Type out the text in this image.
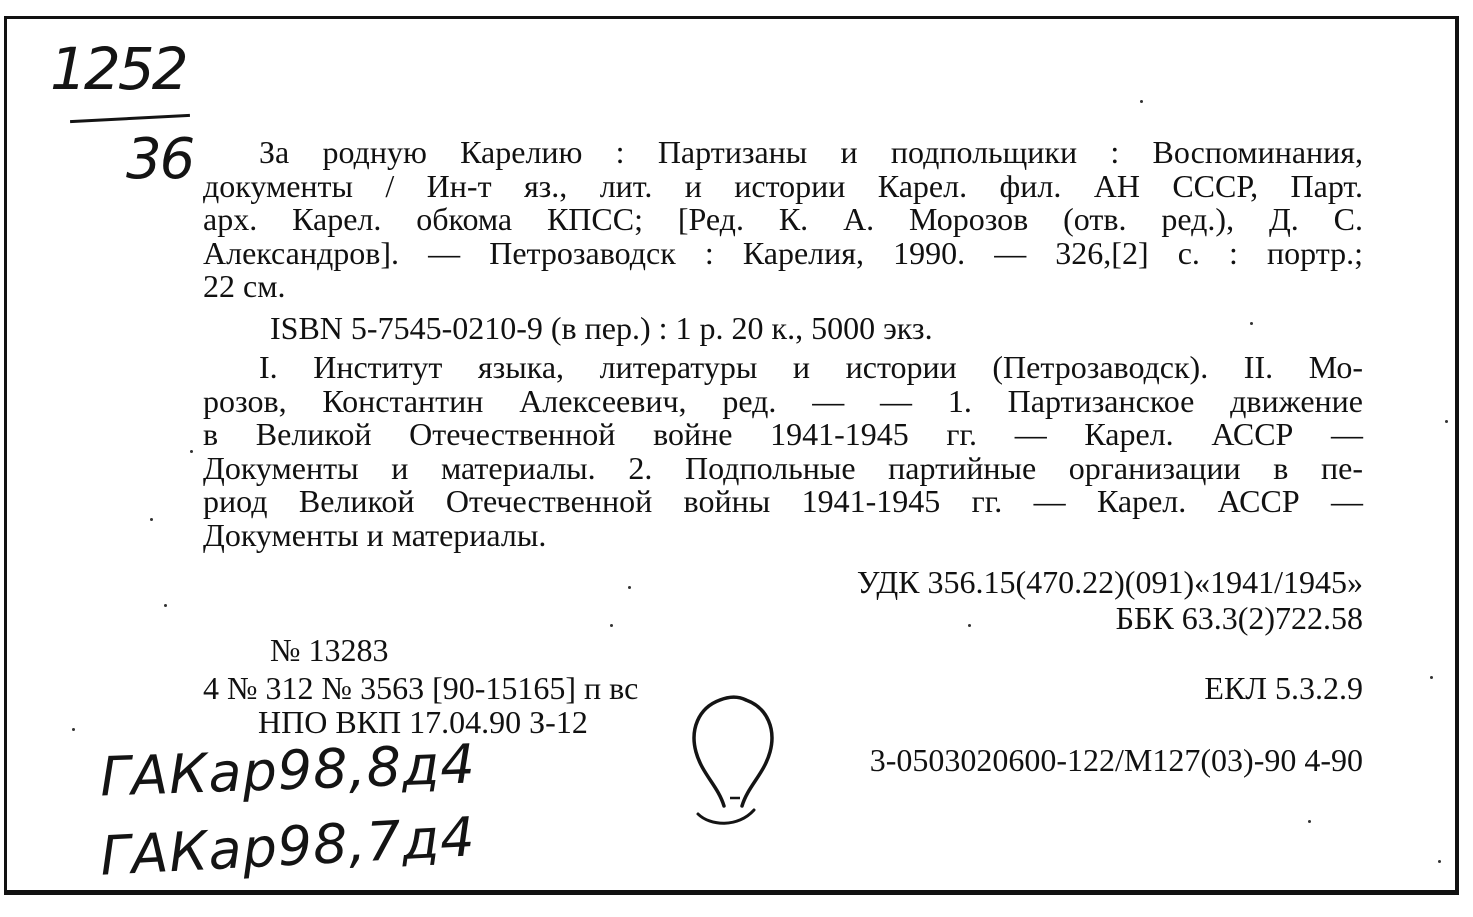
1252
36	За родную Карелию : Партизаны и подпольщики : Воспоминания,
документы / Ин-т яз., лит. и истории Карел. фил. АН СССР, Парт.
арх. Карел. обкома КПСС; [Ред. К. А. Морозов (отв. ред.), Д. С.
Александров]. — Петрозаводск : Карелия, 1990. — 326,[2] с. : портр.;
22 см.
ISBN 5-7545-0210-9 (в пер.) : 1 р. 20 к., 5000 экз.
I. Институт языка, литературы и истории (Петрозаводск). II. Мо-
розов, Константин Алексеевич, ред. — — 1. Партизанское движение
в Великой Отечественной войне 1941-1945 гг. — Карел. АССР —
Документы и материалы. 2. Подпольные партийные организации в пе-
риод Великой Отечественной войны 1941-1945 гг. — Карел. АССР —
Документы и материалы.
УДК 356.15(470.22)(091)«1941/1945»
ББК 63.3(2)722.58
№ 13283
4 № 312 № 3563 [90-15165] п вс	ЕКЛ 5.3.2.9
НПО ВКП 17.04.90 З-12
3-0503020600-122/М127(03)-90 4-90
ГАКар98,8д4
ГАКар98,7д4
